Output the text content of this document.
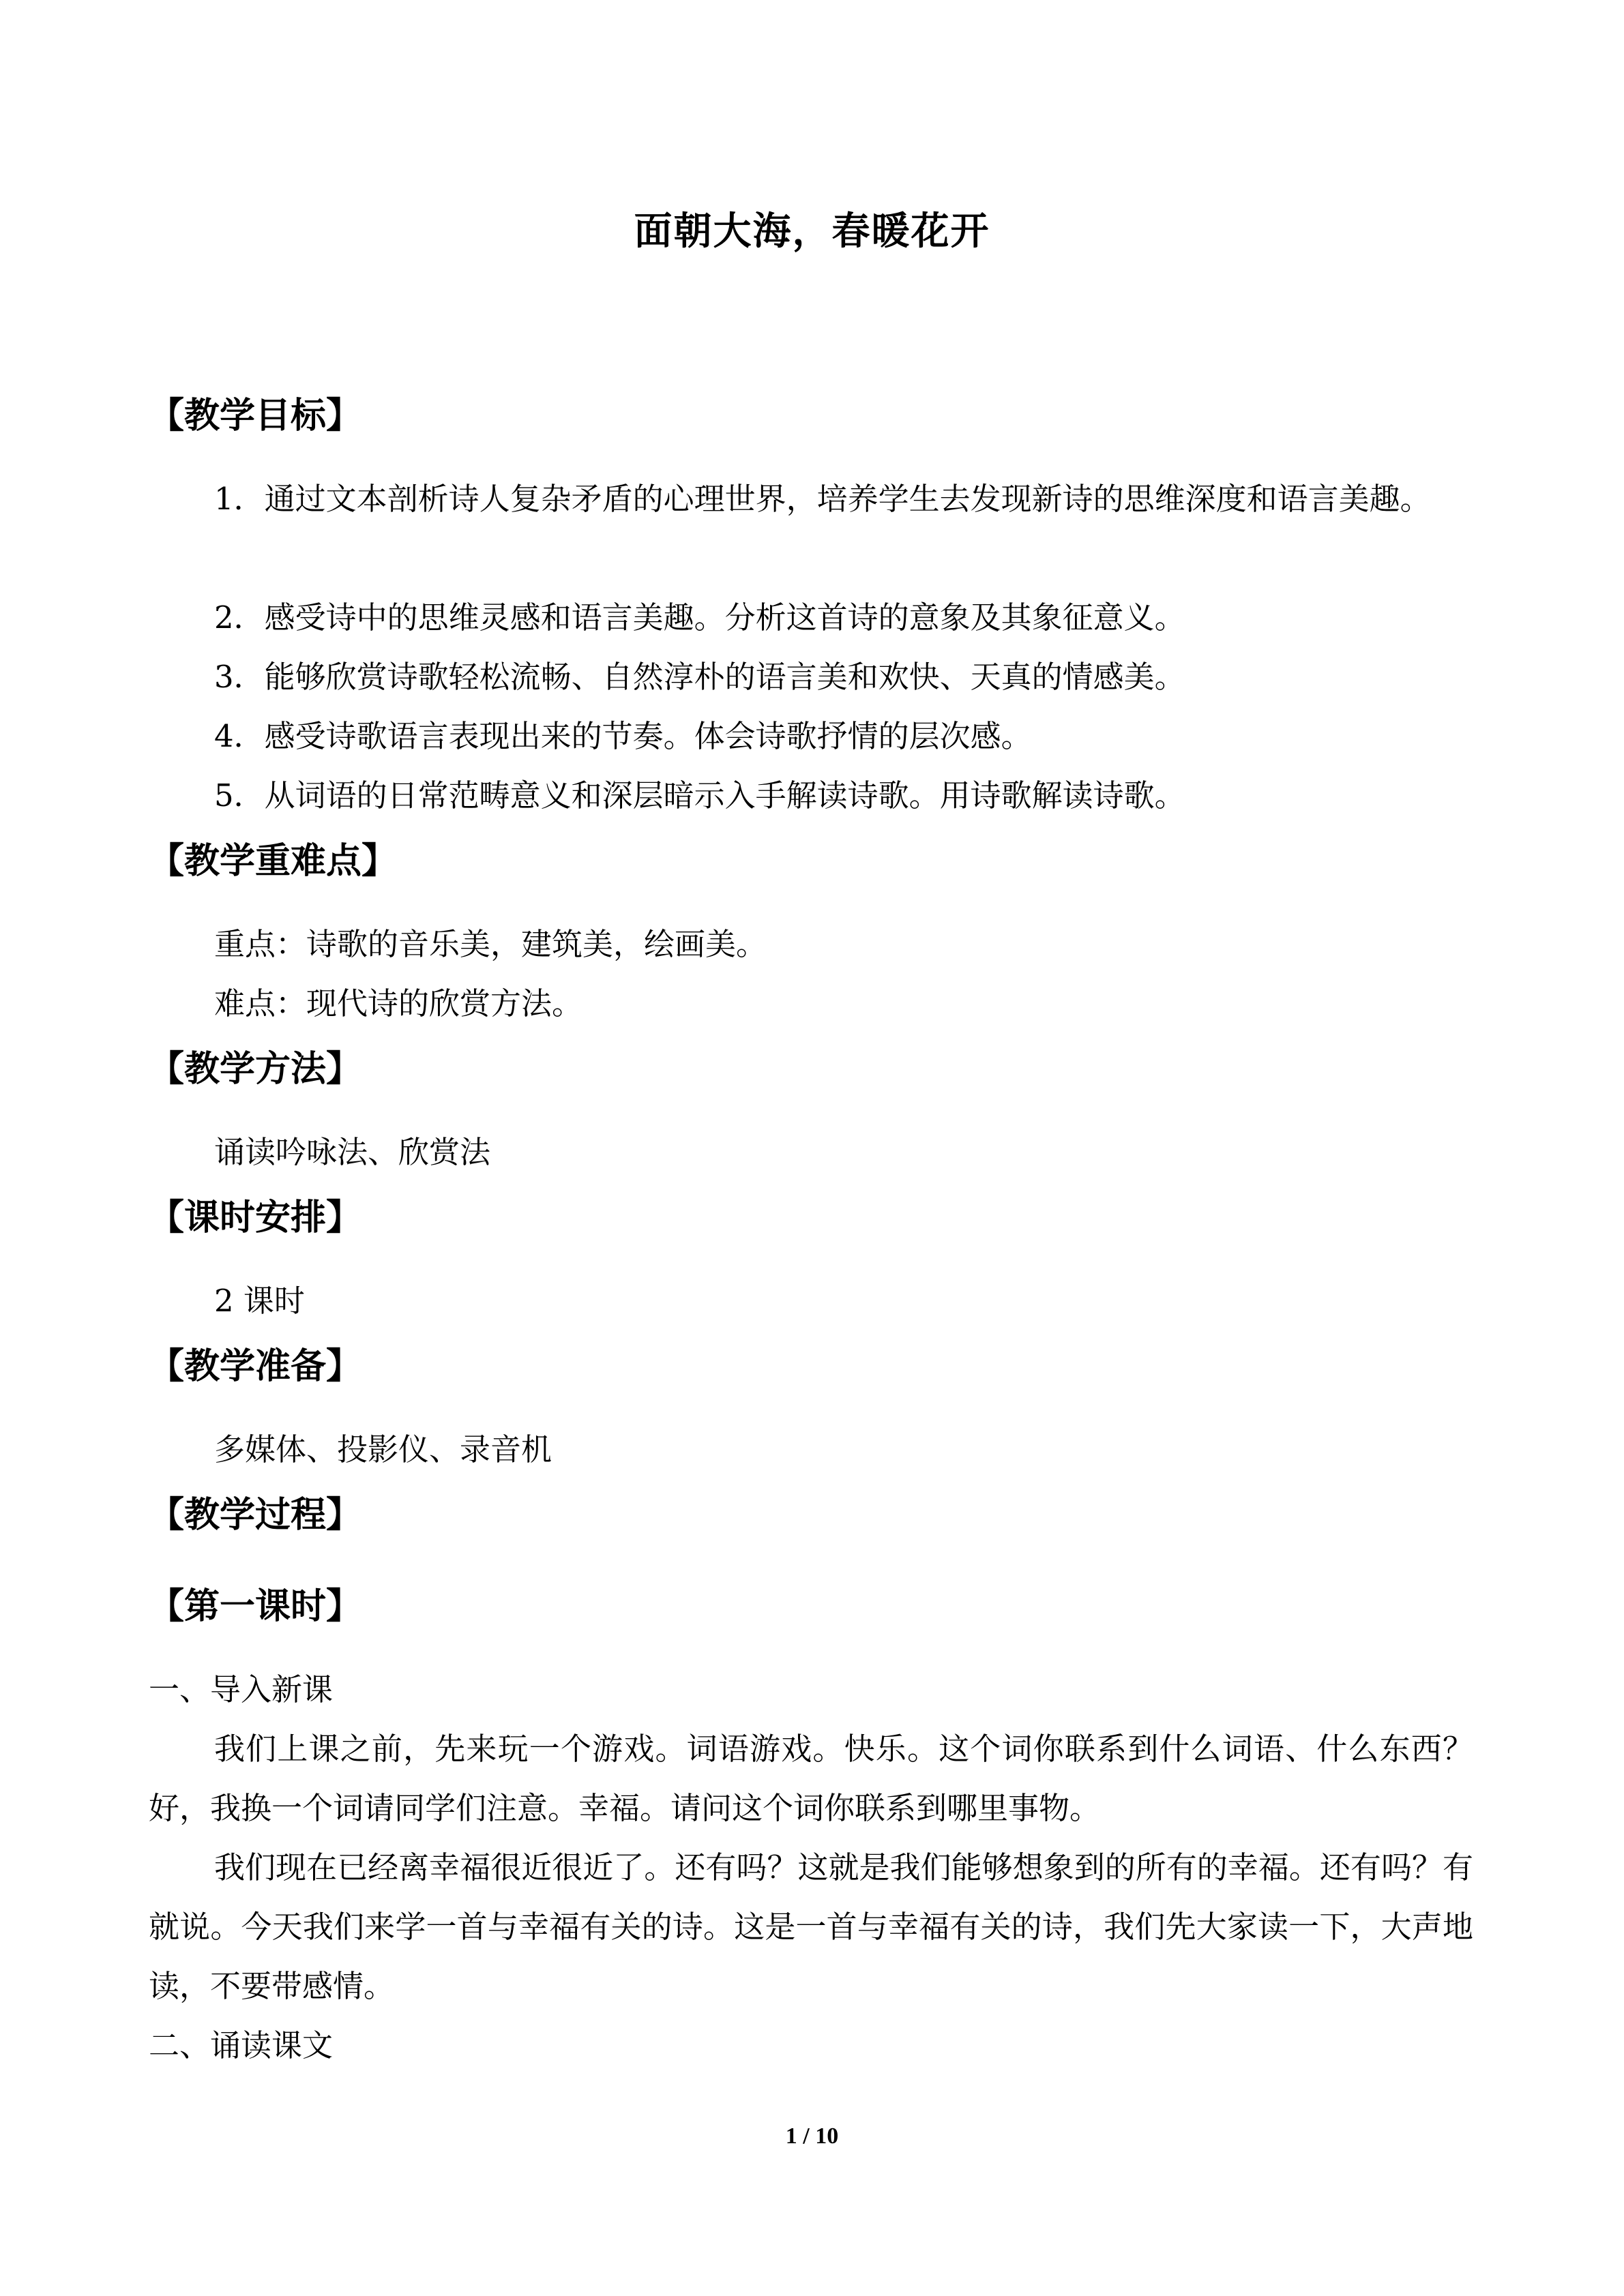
面朝大海，春暖花开
【教学目标】

1．通过文本剖析诗人复杂矛盾的心理世界，培养学生去发现新诗的思维深度和语言美趣。

2．感受诗中的思维灵感和语言美趣。分析这首诗的意象及其象征意义。
3．能够欣赏诗歌轻松流畅、自然淳朴的语言美和欢快、天真的情感美。
4．感受诗歌语言表现出来的节奏。体会诗歌抒情的层次感。
5．从词语的日常范畴意义和深层暗示入手解读诗歌。用诗歌解读诗歌。
【教学重难点】
重点：诗歌的音乐美，建筑美，绘画美。
难点：现代诗的欣赏方法。
【教学方法】
诵读吟咏法、欣赏法
【课时安排】
2 课时
【教学准备】
多媒体、投影仪、录音机
【教学过程】
【第一课时】
一、导入新课

我们上课之前，先来玩一个游戏。词语游戏。快乐。这个词你联系到什么词语、什么东西？好，我换一个词请同学们注意。幸福。请问这个词你联系到哪里事物。

我们现在已经离幸福很近很近了。还有吗？这就是我们能够想象到的所有的幸福。还有吗？有就说。今天我们来学一首与幸福有关的诗。这是一首与幸福有关的诗，我们先大家读一下，大声地读，不要带感情。

二、诵读课文
1 / 10
